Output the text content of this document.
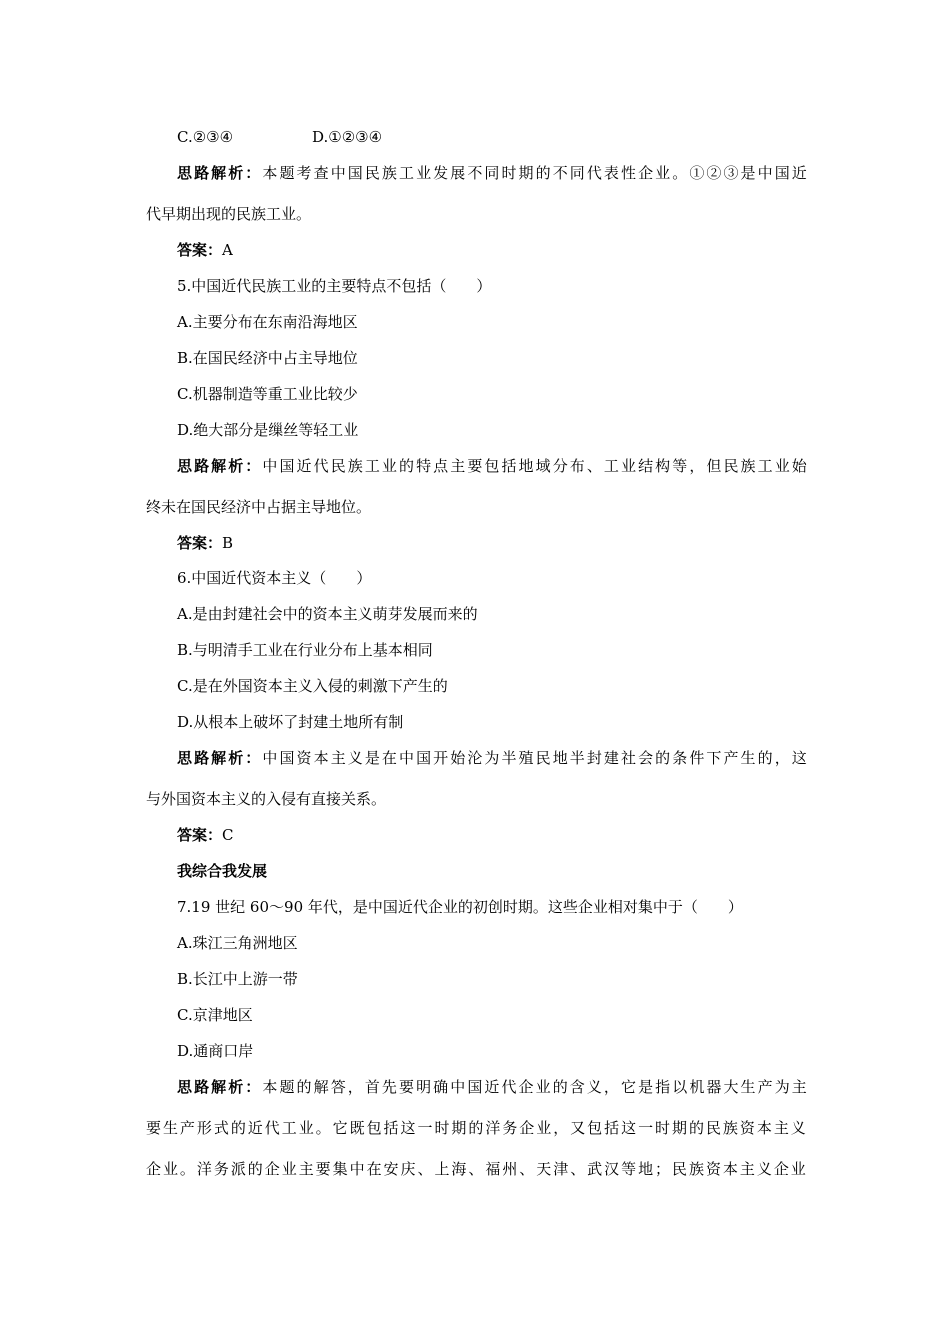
C.②③④	D.①②③④
思路解析：本题考查中国民族工业发展不同时期的不同代表性企业。①②③是中国近
代早期出现的民族工业。
答案：A
5.中国近代民族工业的主要特点不包括（　　）
A.主要分布在东南沿海地区
B.在国民经济中占主导地位
C.机器制造等重工业比较少
D.绝大部分是缫丝等轻工业
思路解析：中国近代民族工业的特点主要包括地域分布、工业结构等，但民族工业始
终未在国民经济中占据主导地位。
答案：B
6.中国近代资本主义（　　）
A.是由封建社会中的资本主义萌芽发展而来的
B.与明清手工业在行业分布上基本相同
C.是在外国资本主义入侵的刺激下产生的
D.从根本上破坏了封建土地所有制
思路解析：中国资本主义是在中国开始沦为半殖民地半封建社会的条件下产生的，这
与外国资本主义的入侵有直接关系。
答案：C
我综合我发展
7.19 世纪 60～90 年代，是中国近代企业的初创时期。这些企业相对集中于（　　）
A.珠江三角洲地区
B.长江中上游一带
C.京津地区
D.通商口岸
思路解析：本题的解答，首先要明确中国近代企业的含义，它是指以机器大生产为主
要生产形式的近代工业。它既包括这一时期的洋务企业，又包括这一时期的民族资本主义
企业。洋务派的企业主要集中在安庆、上海、福州、天津、武汉等地；民族资本主义企业
